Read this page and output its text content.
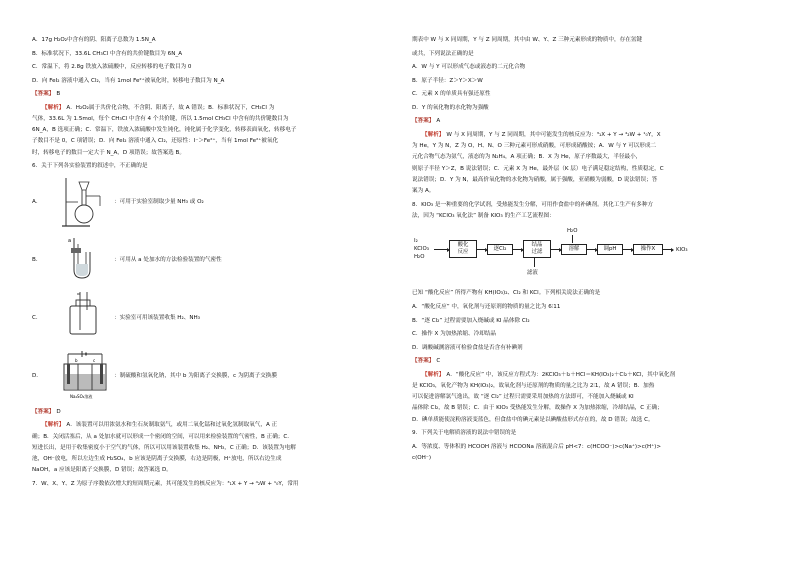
A．17g H₂O₂中含有的阴、阳离子总数为 1.5N_A
B．标准状况下，33.6L CH₃Cl 中含有的共价键数目为 6N_A
C．常温下，将 2.8g 铁放入浓硫酸中，反应转移的电子数目为 0
D．向 FeI₂ 溶液中通入 Cl₂，当有 1mol Fe²⁺被氧化时，转移电子数目为 N_A
【答案】 B
【解析】 A．H₂O₂属于共价化合物，不含阴、阳离子，故 A 错误；B．标准状况下，CH₃Cl 为
气体，33.6L 为 1.5mol，每个 CH₃Cl 中含有 4 个共价键，所以 1.5mol CH₃Cl 中含有的共价键数目为
6N_A，B 选项正确；C．常温下，铁放入浓硫酸中发生钝化，钝化属于化学变化，转移表面氧化，转移电子
子数目不是 0，C 项错误；D．向 FeI₂ 溶液中通入 Cl₂，还原性：I⁻＞Fe²⁺，当有 1mol Fe²⁺被氧化
时，转移电子的数目一定大于 N_A，D 项错误；故答案选 B。
6．关于下列各实验装置的叙述中，不正确的是
A．	：可用于实验室制取少量 NH₃ 或 O₂
B．
a
：可用从 a 处加水的方法检验装置的气密性
C．	：实验室可用该装置收集 H₂、NH₃
D．
b	c
Na₂SO₄溶液
：制硫酸和氢氧化钠，其中 b 为阳离子交换膜，c 为阴离子交换膜
【答案】 D
【解析】 A．该装置可以用浓氨水和生石灰制取氨气，或用二氧化锰和过氧化氢制取氧气，A 正
确；B．关闭活塞后，从 a 处加水就可以形成一个密闭的空间，可以用来检验装置的气密性，B 正确；C．
短进长出，是用于收集密度小于空气的气体，所以可以用该装置收集 H₂、NH₃，C 正确；D．该装置为电解
池，OH⁻放电，所以左边生成 H₂SO₄，b 应该是阴离子交换膜，右边是阴极，H⁺放电，所以右边生成
NaOH，a 应该是阳离子交换膜，D 错误；故答案选 D。
7．W、X、Y、Z 为原子序数依次增大的短周期元素，其可能发生的核反应为：³₁X + Y → ⁴₂W + ¹₀Y，常用
期表中 W 与 X 同周期，Y 与 Z 同周期，其中由 W、Y、Z 三种元素形成的物质中，存在氢键
或共，下列说法正确的是
A．W 与 Y 可以形成气态或液态的二元化合物
B．原子半径：Z＞Y＞X＞W
C．元素 X 的单质具有强还原性
D．Y 的氧化物的水化物为强酸
【答案】 A
【解析】 W 与 X 同周期，Y 与 Z 同周期，其中可能发生的核反应为：³₁X + Y → ⁴₂W + ¹₀Y，X
为 He，Y 为 N，Z 为 O，H、N、O 三种元素可形成硝酸，可形成硝酸铵；A．W 与 Y 可以形成二
元化合物气态为氨气，液态的为 N₂H₄，A 项正确；B．X 为 He，原子序数最大，半径最小，
则原子半径 Y＞Z，B 说法错误；C．元素 X 为 He，最外层（K 层）电子满足稳定结构，性质稳定，C
说法错误；D．Y 为 N，最高价氧化物的水化物为硝酸，属于强酸，亚硝酸为弱酸，D 说法错误；答
案为 A。
8．KIO₃ 是一种重要的化学试剂，受热能发生分解，可用作食盐中的补碘剂。其化工生产有多种方
法，因为 “KClO₃ 氧化法” 制备 KIO₃ 的生产工艺流程图：
I₂
KClO₃
H₂O
酸化
反应
逐Cl₂
结晶
过滤
滤液
H₂O
溶解	调pH	操作X	KIO₃
已知 “酸化反应” 所得产物有 KH(IO₃)₂、Cl₂ 和 KCl。下列相关说法正确的是
A．“酸化反应” 中，氧化剂与还原剂的物质的量之比为 6∶11
B．“逐 Cl₂” 过程需要加入烧碱或 KI 晶体除 Cl₂
C．操作 X 为加热浓缩、冷却结晶
D．调酸碱测溶液可检验食盐是否含有补碘剂
【答案】 C
【解析】 A．“酸化反应” 中，该反应方程式为：2KClO₃＋I₂＋HCl＝KH(IO₃)₂＋Cl₂＋KCl，其中氧化剂
是 KClO₃，氧化产物为 KH(IO₃)₂，故氧化剂与还原剂的物质的量之比为 2∶1，故 A 错误；B．加热
可以促进溶解氯气逸出，故 “逐 Cl₂” 过程只需要采用加热的方法即可，不能加入烧碱或 KI
晶体除 Cl₂，故 B 错误；C．由于 KIO₃ 受热能发生分解，故操作 X 为加热浓缩，冷却结晶，C 正确；
D．碘单质能使淀粉溶液变蓝色，但食盐中的碘元素是以碘酸盐形式存在的，故 D 错误；故选 C。
9．下列关于电解质溶液的说法中错误的是
A．等浓度、等体积的 HCOOH 溶液与 HCOONa 溶液混合后 pH<7：c(HCOO⁻)>c(Na⁺)>c(H⁺)>
c(OH⁻)
